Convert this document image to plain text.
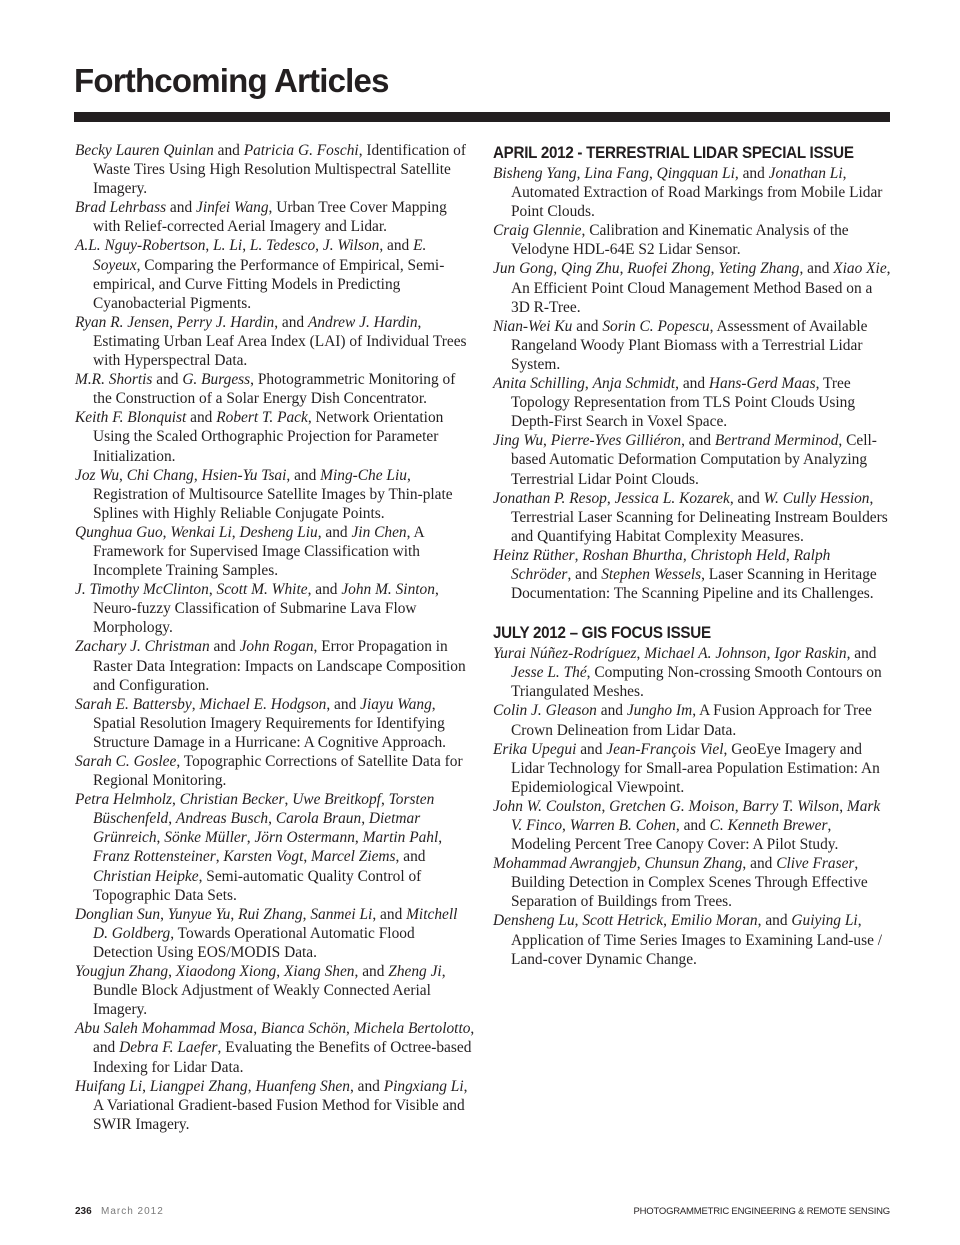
Forthcoming Articles

Becky Lauren Quinlan and Patricia G. Foschi, Identification of Waste Tires Using High Resolution Multispectral Satellite Imagery.

Brad Lehrbass and Jinfei Wang, Urban Tree Cover Mapping with Relief-corrected Aerial Imagery and Lidar.

A.L. Nguy-Robertson, L. Li, L. Tedesco, J. Wilson, and E. Soyeux, Comparing the Performance of Empirical, Semi-empirical, and Curve Fitting Models in Predicting Cyanobacterial Pigments.

Ryan R. Jensen, Perry J. Hardin, and Andrew J. Hardin, Estimating Urban Leaf Area Index (LAI) of Individual Trees with Hyperspectral Data.

M.R. Shortis and G. Burgess, Photogrammetric Monitoring of the Construction of a Solar Energy Dish Concentrator.

Keith F. Blonquist and Robert T. Pack, Network Orientation Using the Scaled Orthographic Projection for Parameter Initialization.

Joz Wu, Chi Chang, Hsien-Yu Tsai, and Ming-Che Liu, Registration of Multisource Satellite Images by Thin-plate Splines with Highly Reliable Conjugate Points.

Qunghua Guo, Wenkai Li, Desheng Liu, and Jin Chen, A Framework for Supervised Image Classification with Incomplete Training Samples.

J. Timothy McClinton, Scott M. White, and John M. Sinton, Neuro-fuzzy Classification of Submarine Lava Flow Morphology.

Zachary J. Christman and John Rogan, Error Propagation in Raster Data Integration: Impacts on Landscape Composition and Configuration.

Sarah E. Battersby, Michael E. Hodgson, and Jiayu Wang, Spatial Resolution Imagery Requirements for Identifying Structure Damage in a Hurricane: A Cognitive Approach.

Sarah C. Goslee, Topographic Corrections of Satellite Data for Regional Monitoring.

Petra Helmholz, Christian Becker, Uwe Breitkopf, Torsten Büschenfeld, Andreas Busch, Carola Braun, Dietmar Grünreich, Sönke Müller, Jörn Ostermann, Martin Pahl, Franz Rottensteiner, Karsten Vogt, Marcel Ziems, and Christian Heipke, Semi-automatic Quality Control of Topographic Data Sets.

Donglian Sun, Yunyue Yu, Rui Zhang, Sanmei Li, and Mitchell D. Goldberg, Towards Operational Automatic Flood Detection Using EOS/MODIS Data.

Yougjun Zhang, Xiaodong Xiong, Xiang Shen, and Zheng Ji, Bundle Block Adjustment of Weakly Connected Aerial Imagery.

Abu Saleh Mohammad Mosa, Bianca Schön, Michela Bertolotto, and Debra F. Laefer, Evaluating the Benefits of Octree-based Indexing for Lidar Data.

Huifang Li, Liangpei Zhang, Huanfeng Shen, and Pingxiang Li, A Variational Gradient-based Fusion Method for Visible and SWIR Imagery.

APRIL 2012 - TERRESTRIAL LIDAR SPECIAL ISSUE

Bisheng Yang, Lina Fang, Qingquan Li, and Jonathan Li, Automated Extraction of Road Markings from Mobile Lidar Point Clouds.

Craig Glennie, Calibration and Kinematic Analysis of the Velodyne HDL-64E S2 Lidar Sensor.

Jun Gong, Qing Zhu, Ruofei Zhong, Yeting Zhang, and Xiao Xie, An Efficient Point Cloud Management Method Based on a 3D R-Tree.

Nian-Wei Ku and Sorin C. Popescu, Assessment of Available Rangeland Woody Plant Biomass with a Terrestrial Lidar System.

Anita Schilling, Anja Schmidt, and Hans-Gerd Maas, Tree Topology Representation from TLS Point Clouds Using Depth-First Search in Voxel Space.

Jing Wu, Pierre-Yves Gilliéron, and Bertrand Merminod, Cell-based Automatic Deformation Computation by Analyzing Terrestrial Lidar Point Clouds.

Jonathan P. Resop, Jessica L. Kozarek, and W. Cully Hession, Terrestrial Laser Scanning for Delineating Instream Boulders and Quantifying Habitat Complexity Measures.

Heinz Rüther, Roshan Bhurtha, Christoph Held, Ralph Schröder, and Stephen Wessels, Laser Scanning in Heritage Documentation: The Scanning Pipeline and its Challenges.

JULY 2012 – GIS FOCUS ISSUE

Yurai Núñez-Rodríguez, Michael A. Johnson, Igor Raskin, and Jesse L. Thé, Computing Non-crossing Smooth Contours on Triangulated Meshes.

Colin J. Gleason and Jungho Im, A Fusion Approach for Tree Crown Delineation from Lidar Data.

Erika Upegui and Jean-François Viel, GeoEye Imagery and Lidar Technology for Small-area Population Estimation: An Epidemiological Viewpoint.

John W. Coulston, Gretchen G. Moison, Barry T. Wilson, Mark V. Finco, Warren B. Cohen, and C. Kenneth Brewer, Modeling Percent Tree Canopy Cover: A Pilot Study.

Mohammad Awrangjeb, Chunsun Zhang, and Clive Fraser, Building Detection in Complex Scenes Through Effective Separation of Buildings from Trees.

Densheng Lu, Scott Hetrick, Emilio Moran, and Guiying Li, Application of Time Series Images to Examining Land-use / Land-cover Dynamic Change.

236 March 2012	PHOTOGRAMMETRIC ENGINEERING & REMOTE SENSING
